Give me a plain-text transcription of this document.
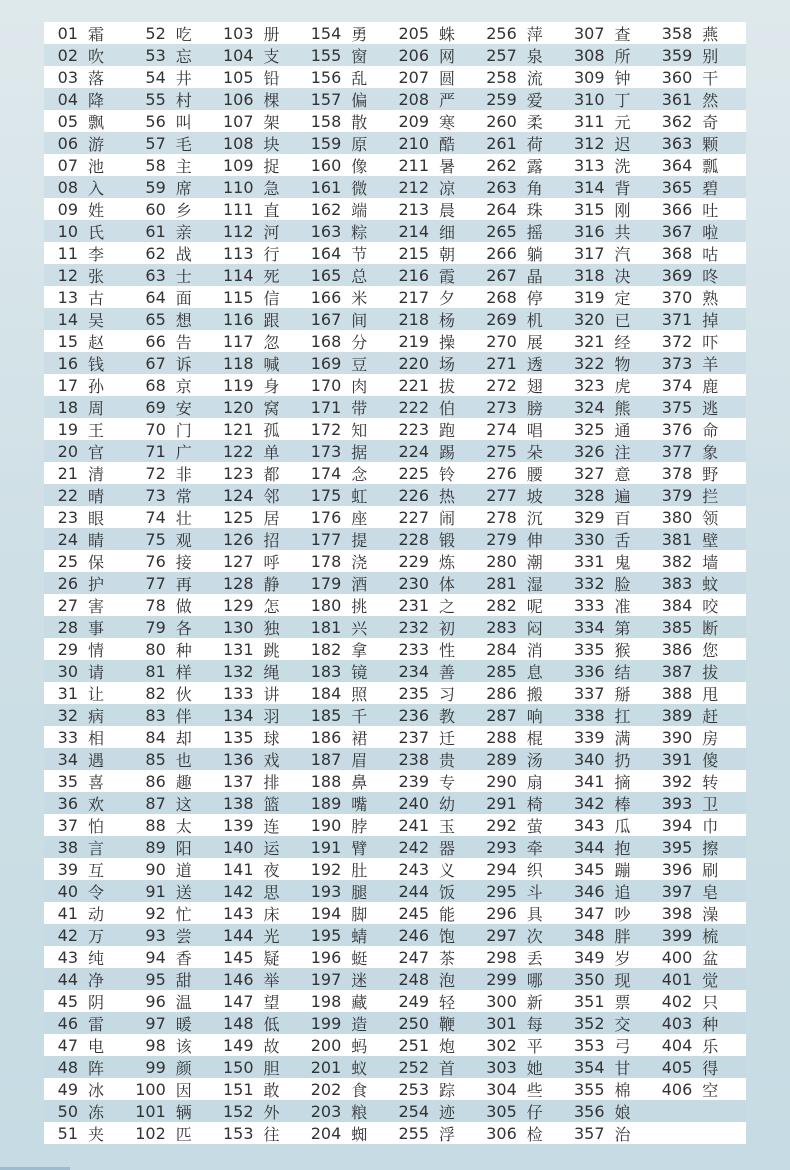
01 霜	52 吃 103 册 154 勇 205 蛛 256 萍 307 查 358 燕
02 吹	53 忘 104 支 155 窗 206 网 257 泉 308 所 359 别
03 落	54 井 105 铅 156 乱 207 圆 258 流 309 钟 360 干
04 降	55 村 106 棵 157 偏 208 严 259 爱 310 丁 361 然
05 飘	56 叫 107 架 158 散 209 寒 260 柔 311 元 362 奇
06 游	57 毛 108 块 159 原 210 酷 261 荷 312 迟 363 颗
07 池	58 主 109 捉 160 像 211 暑 262 露 313 洗 364 瓢
08 入	59 席 110 急 161 微 212 凉 263 角 314 背 365 碧
09 姓	60 乡 111 直 162 端 213 晨 264 珠 315 刚 366 吐
10 氏	61 亲 112 河 163 粽 214 细 265 摇 316 共 367 啦
11 李	62 战 113 行 164 节 215 朝 266 躺 317 汽 368 咕
12 张	63 士 114 死 165 总 216 霞 267 晶 318 决 369 咚
13 古	64 面 115 信 166 米 217 夕 268 停 319 定 370 熟
14 吴	65 想 116 跟 167 间 218 杨 269 机 320 已 371 掉
15 赵	66 告 117 忽 168 分 219 操 270 展 321 经 372 吓
16 钱	67 诉 118 喊 169 豆 220 场 271 透 322 物 373 羊
17 孙	68 京 119 身 170 肉 221 拔 272 翅 323 虎 374 鹿
18 周	69 安 120 窝 171 带 222 伯 273 膀 324 熊 375 逃
19 王	70 门 121 孤 172 知 223 跑 274 唱 325 通 376 命
20 官	71 广 122 单 173 据 224 踢 275 朵 326 注 377 象
21 清	72 非 123 都 174 念 225 铃 276 腰 327 意 378 野
22 晴	73 常 124 邻 175 虹 226 热 277 坡 328 遍 379 拦
23 眼	74 壮 125 居 176 座 227 闹 278 沉 329 百 380 领
24 睛	75 观 126 招 177 提 228 锻 279 伸 330 舌 381 壁
25 保	76 接 127 呼 178 浇 229 炼 280 潮 331 鬼 382 墙
26 护	77 再 128 静 179 酒 230 体 281 湿 332 脸 383 蚊
27 害	78 做 129 怎 180 挑 231 之 282 呢 333 准 384 咬
28 事	79 各 130 独 181 兴 232 初 283 闷 334 第 385 断
29 情	80 种 131 跳 182 拿 233 性 284 消 335 猴 386 您
30 请	81 样 132 绳 183 镜 234 善 285 息 336 结 387 拔
31 让	82 伙 133 讲 184 照 235 习 286 搬 337 掰 388 甩
32 病	83 伴 134 羽 185 千 236 教 287 响 338 扛 389 赶
33 相	84 却 135 球 186 裙 237 迁 288 棍 339 满 390 房
34 遇	85 也 136 戏 187 眉 238 贵 289 汤 340 扔 391 傻
35 喜	86 趣 137 排 188 鼻 239 专 290 扇 341 摘 392 转
36 欢	87 这 138 篮 189 嘴 240 幼 291 椅 342 棒 393 卫
37 怕	88 太 139 连 190 脖 241 玉 292 萤 343 瓜 394 巾
38 言	89 阳 140 运 191 臂 242 器 293 牵 344 抱 395 擦
39 互	90 道 141 夜 192 肚 243 义 294 织 345 蹦 396 刷
40 令	91 送 142 思 193 腿 244 饭 295 斗 346 追 397 皂
41 动	92 忙 143 床 194 脚 245 能 296 具 347 吵 398 澡
42 万	93 尝 144 光 195 蜻 246 饱 297 次 348 胖 399 梳
43 纯	94 香 145 疑 196 蜓 247 茶 298 丢 349 岁 400 盆
44 净	95 甜 146 举 197 迷 248 泡 299 哪 350 现 401 觉
45 阴	96 温 147 望 198 藏 249 轻 300 新 351 票 402 只
46 雷	97 暖 148 低 199 造 250 鞭 301 每 352 交 403 种
47 电	98 该 149 故 200 蚂 251 炮 302 平 353 弓 404 乐
48 阵	99 颜 150 胆 201 蚁 252 首 303 她 354 甘 405 得
49 冰 100 因 151 敢 202 食 253 踪 304 些 355 棉 406 空
50 冻 101 辆 152 外 203 粮 254 迹 305 仔 356 娘
51 夹 102 匹 153 往 204 蜘 255 浮 306 检 357 治
